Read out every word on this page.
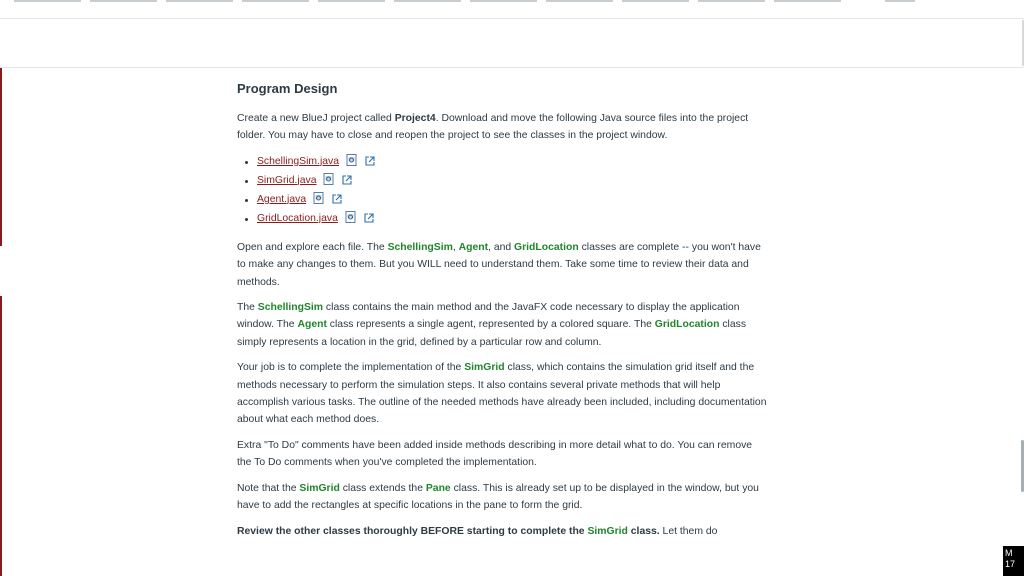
Program Design

Create a new BlueJ project called Project4. Download and move the following Java source files into the project folder. You may have to close and reopen the project to see the classes in the project window.

SchellingSim.java
SimGrid.java
Agent.java
GridLocation.java

Open and explore each file. The SchellingSim, Agent, and GridLocation classes are complete -- you won't have to make any changes to them. But you WILL need to understand them. Take some time to review their data and methods.

The SchellingSim class contains the main method and the JavaFX code necessary to display the application window. The Agent class represents a single agent, represented by a colored square. The GridLocation class simply represents a location in the grid, defined by a particular row and column.

Your job is to complete the implementation of the SimGrid class, which contains the simulation grid itself and the methods necessary to perform the simulation steps. It also contains several private methods that will help accomplish various tasks. The outline of the needed methods have already been included, including documentation about what each method does.

Extra "To Do" comments have been added inside methods describing in more detail what to do. You can remove the To Do comments when you've completed the implementation.

Note that the SimGrid class extends the Pane class. This is already set up to be displayed in the window, but you have to add the rectangles at specific locations in the pane to form the grid.

Review the other classes thoroughly BEFORE starting to complete the SimGrid class. Let them do

M
17
